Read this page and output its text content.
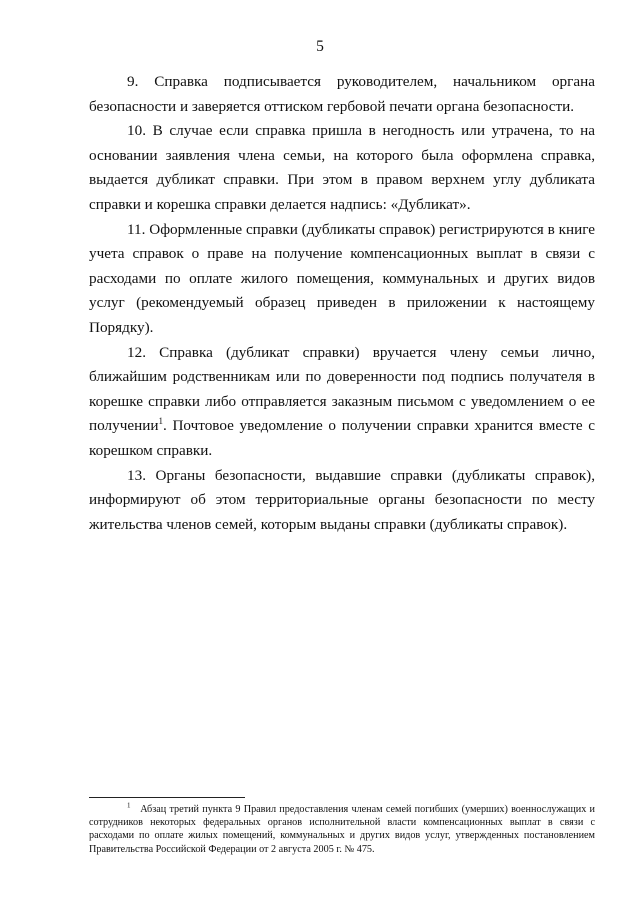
5

9. Справка подписывается руководителем, начальником органа безопасности и заверяется оттиском гербовой печати органа безопасности.

10. В случае если справка пришла в негодность или утрачена, то на основании заявления члена семьи, на которого была оформлена справка, выдается дубликат справки. При этом в правом верхнем углу дубликата справки и корешка справки делается надпись: «Дубликат».

11. Оформленные справки (дубликаты справок) регистрируются в книге учета справок о праве на получение компенсационных выплат в связи с расходами по оплате жилого помещения, коммунальных и других видов услуг (рекомендуемый образец приведен в приложении к настоящему Порядку).

12. Справка (дубликат справки) вручается члену семьи лично, ближайшим родственникам или по доверенности под подпись получателя в корешке справки либо отправляется заказным письмом с уведомлением о ее получении$^1$. Почтовое уведомление о получении справки хранится вместе с корешком справки.

13. Органы безопасности, выдавшие справки (дубликаты справок), информируют об этом территориальные органы безопасности по месту жительства членов семей, которым выданы справки (дубликаты справок).

$^1$ Абзац третий пункта 9 Правил предоставления членам семей погибших (умерших) военнослужащих и сотрудников некоторых федеральных органов исполнительной власти компенсационных выплат в связи с расходами по оплате жилых помещений, коммунальных и других видов услуг, утвержденных постановлением Правительства Российской Федерации от 2 августа 2005 г. № 475.
